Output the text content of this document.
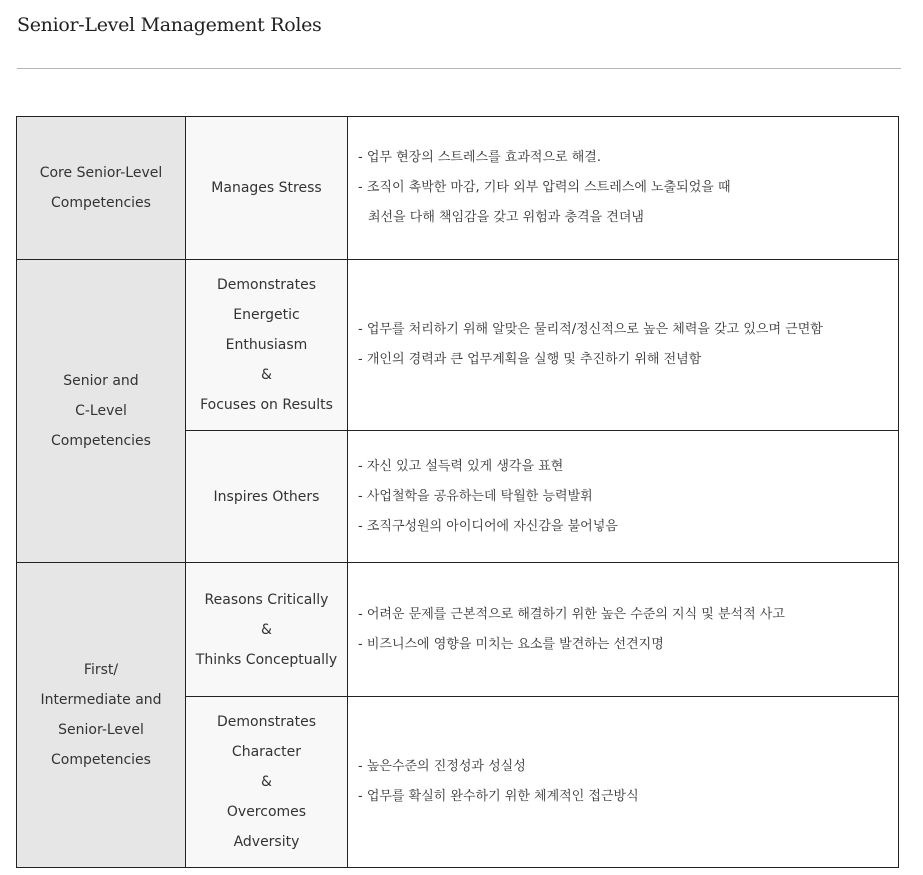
Senior-Level Management Roles
Core Senior-Level
Competencies
Manages Stress
- 업무 현장의 스트레스를 효과적으로 해결.
- 조직이 촉박한 마감, 기타 외부 압력의 스트레스에 노출되었을 때
최선을 다해 책임감을 갖고 위험과 충격을 견뎌냄
Senior and
C-Level
Competencies
Demonstrates
Energetic
Enthusiasm
&
Focuses on Results
- 업무를 처리하기 위해 알맞은 물리적/정신적으로 높은 체력을 갖고 있으며 근면함
- 개인의 경력과 큰 업무계획을 실행 및 추진하기 위해 전념함
Inspires Others
- 자신 있고 설득력 있게 생각을 표현
- 사업철학을 공유하는데 탁월한 능력발휘
- 조직구성원의 아이디어에 자신감을 불어넣음
First/
Intermediate and
Senior-Level
Competencies
Reasons Critically
&
Thinks Conceptually
- 어려운 문제를 근본적으로 해결하기 위한 높은 수준의 지식 및 분석적 사고
- 비즈니스에 영향을 미치는 요소를 발견하는 선견지명
Demonstrates
Character
&
Overcomes
Adversity
- 높은수준의 진정성과 성실성
- 업무를 확실히 완수하기 위한 체계적인 접근방식
